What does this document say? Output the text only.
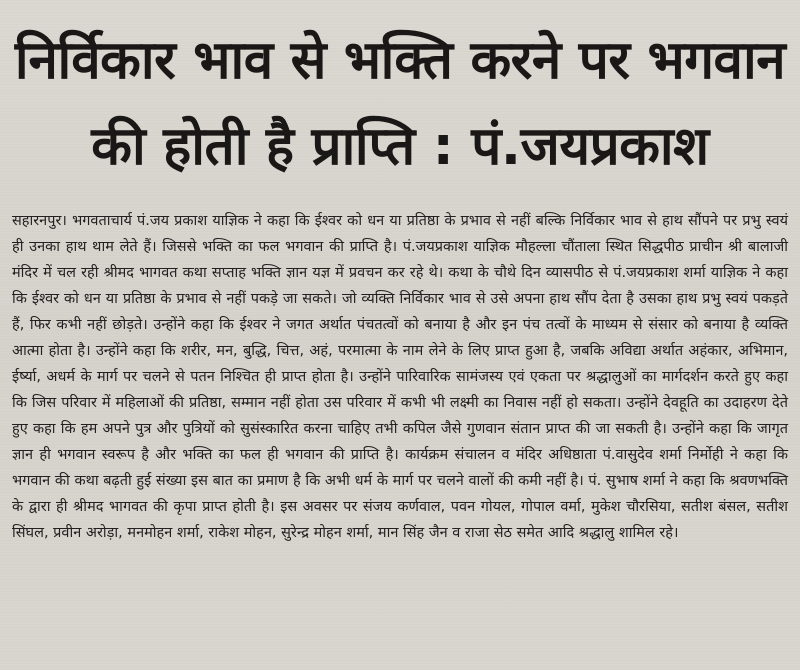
निर्विकार भाव से भक्ति करने पर भगवान
की होती है प्राप्ति : पं.जयप्रकाश
सहारनपुर। भगवताचार्य पं.जय प्रकाश याज्ञिक ने कहा कि ईश्वर को धन या प्रतिष्ठा के प्रभाव से नहीं बल्कि निर्विकार भाव से हाथ सौंपने पर प्रभु स्वयं ही उनका हाथ थाम लेते हैं। जिससे भक्ति का फल भगवान की प्राप्ति है। पं.जयप्रकाश याज्ञिक मौहल्ला चौंताला स्थित सिद्धपीठ प्राचीन श्री बालाजी मंदिर में चल रही श्रीमद भागवत कथा सप्ताह भक्ति ज्ञान यज्ञ में प्रवचन कर रहे थे। कथा के चौथे दिन व्यासपीठ से पं.जयप्रकाश शर्मा याज्ञिक ने कहा कि ईश्वर को धन या प्रतिष्ठा के प्रभाव से नहीं पकड़े जा सकते। जो व्यक्ति निर्विकार भाव से उसे अपना हाथ सौंप देता है उसका हाथ प्रभु स्वयं पकड़ते हैं, फिर कभी नहीं छोड़ते। उन्होंने कहा कि ईश्वर ने जगत अर्थात पंचतत्वों को बनाया है और इन पंच तत्वों के माध्यम से संसार को बनाया है व्यक्ति आत्मा होता है। उन्होंने कहा कि शरीर, मन, बुद्धि, चित्त, अहं, परमात्मा के नाम लेने के लिए प्राप्त हुआ है, जबकि अविद्या अर्थात अहंकार, अभिमान, ईर्ष्या, अधर्म के मार्ग पर चलने से पतन निश्चित ही प्राप्त होता है। उन्होंने पारिवारिक सामंजस्य एवं एकता पर श्रद्धालुओं का मार्गदर्शन करते हुए कहा कि जिस परिवार में महिलाओं की प्रतिष्ठा, सम्मान नहीं होता उस परिवार में कभी भी लक्ष्मी का निवास नहीं हो सकता। उन्होंने देवहूति का उदाहरण देते हुए कहा कि हम अपने पुत्र और पुत्रियों को सुसंस्कारित करना चाहिए तभी कपिल जैसे गुणवान संतान प्राप्त की जा सकती है। उन्होंने कहा कि जागृत ज्ञान ही भगवान स्वरूप है और भक्ति का फल ही भगवान की प्राप्ति है। कार्यक्रम संचालन व मंदिर अधिष्ठाता पं.वासुदेव शर्मा निर्मोही ने कहा कि भगवान की कथा बढ़ती हुई संख्या इस बात का प्रमाण है कि अभी धर्म के मार्ग पर चलने वालों की कमी नहीं है। पं. सुभाष शर्मा ने कहा कि श्रवणभक्ति के द्वारा ही श्रीमद भागवत की कृपा प्राप्त होती है। इस अवसर पर संजय कर्णवाल, पवन गोयल, गोपाल वर्मा, मुकेश चौरसिया, सतीश बंसल, सतीश सिंघल, प्रवीन अरोड़ा, मनमोहन शर्मा, राकेश मोहन, सुरेन्द्र मोहन शर्मा, मान सिंह जैन व राजा सेठ समेत आदि श्रद्धालु शामिल रहे।
